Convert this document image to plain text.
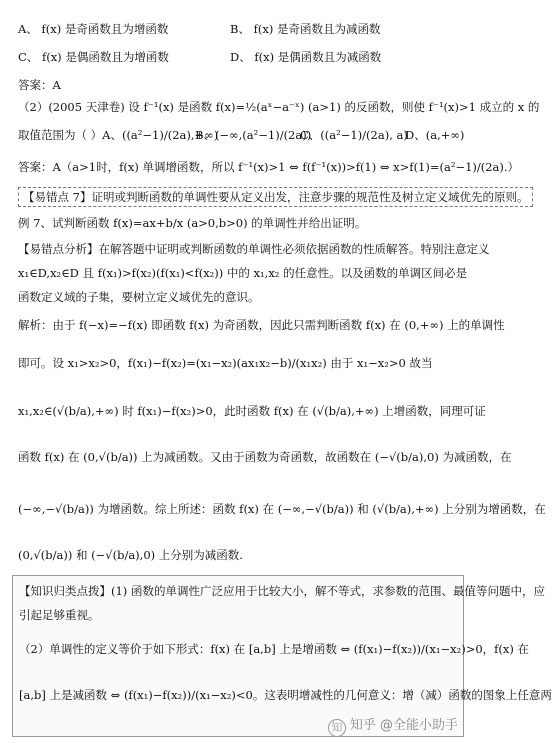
A、 f(x) 是奇函数且为增函数	B、 f(x) 是奇函数且为减函数
C、 f(x) 是偶函数且为增函数	D、 f(x) 是偶函数且为减函数
答案：A
（2）(2005 天津卷) 设 f⁻¹(x) 是函数 f(x)=½(aˣ−a⁻ˣ) (a>1) 的反函数，则使 f⁻¹(x)>1 成立的 x 的
取值范围为（ ）A、((a²−1)/(2a),+∞)
B、(−∞,(a²−1)/(2a))
C、((a²−1)/(2a), a)
D、(a,+∞)
答案：A（a>1时，f(x) 单调增函数，所以 f⁻¹(x)>1 ⇔ f(f⁻¹(x))>f(1) ⇔ x>f(1)=(a²−1)/(2a).）
【易错点 7】证明或判断函数的单调性要从定义出发，注意步骤的规范性及树立定义域优先的原则。
例 7、试判断函数 f(x)=ax+b/x (a>0,b>0) 的单调性并给出证明。
【易错点分析】在解答题中证明或判断函数的单调性必须依据函数的性质解答。特别注意定义
x₁∈D,x₂∈D 且 f(x₁)>f(x₂)(f(x₁)<f(x₂)) 中的 x₁,x₂ 的任意性。以及函数的单调区间必是
函数定义域的子集，要树立定义域优先的意识。
解析：由于 f(−x)=−f(x) 即函数 f(x) 为奇函数，因此只需判断函数 f(x) 在 (0,+∞) 上的单调性
即可。设 x₁>x₂>0，f(x₁)−f(x₂)=(x₁−x₂)(ax₁x₂−b)/(x₁x₂) 由于 x₁−x₂>0 故当
x₁,x₂∈(√(b/a),+∞) 时 f(x₁)−f(x₂)>0，此时函数 f(x) 在 (√(b/a),+∞) 上增函数，同理可证
函数 f(x) 在 (0,√(b/a)) 上为减函数。又由于函数为奇函数，故函数在 (−√(b/a),0) 为减函数，在
(−∞,−√(b/a)) 为增函数。综上所述：函数 f(x) 在 (−∞,−√(b/a)) 和 (√(b/a),+∞) 上分别为增函数，在
(0,√(b/a)) 和 (−√(b/a),0) 上分别为减函数.
【知识归类点拨】(1) 函数的单调性广泛应用于比较大小，解不等式，求参数的范围、最值等问题中，应
引起足够重视。
（2）单调性的定义等价于如下形式：f(x) 在 [a,b] 上是增函数 ⇔ (f(x₁)−f(x₂))/(x₁−x₂)>0，f(x) 在
[a,b] 上是减函数 ⇔ (f(x₁)−f(x₂))/(x₁−x₂)<0。这表明增减性的几何意义：增（减）函数的图象上任意两
知 知乎 @全能小助手
